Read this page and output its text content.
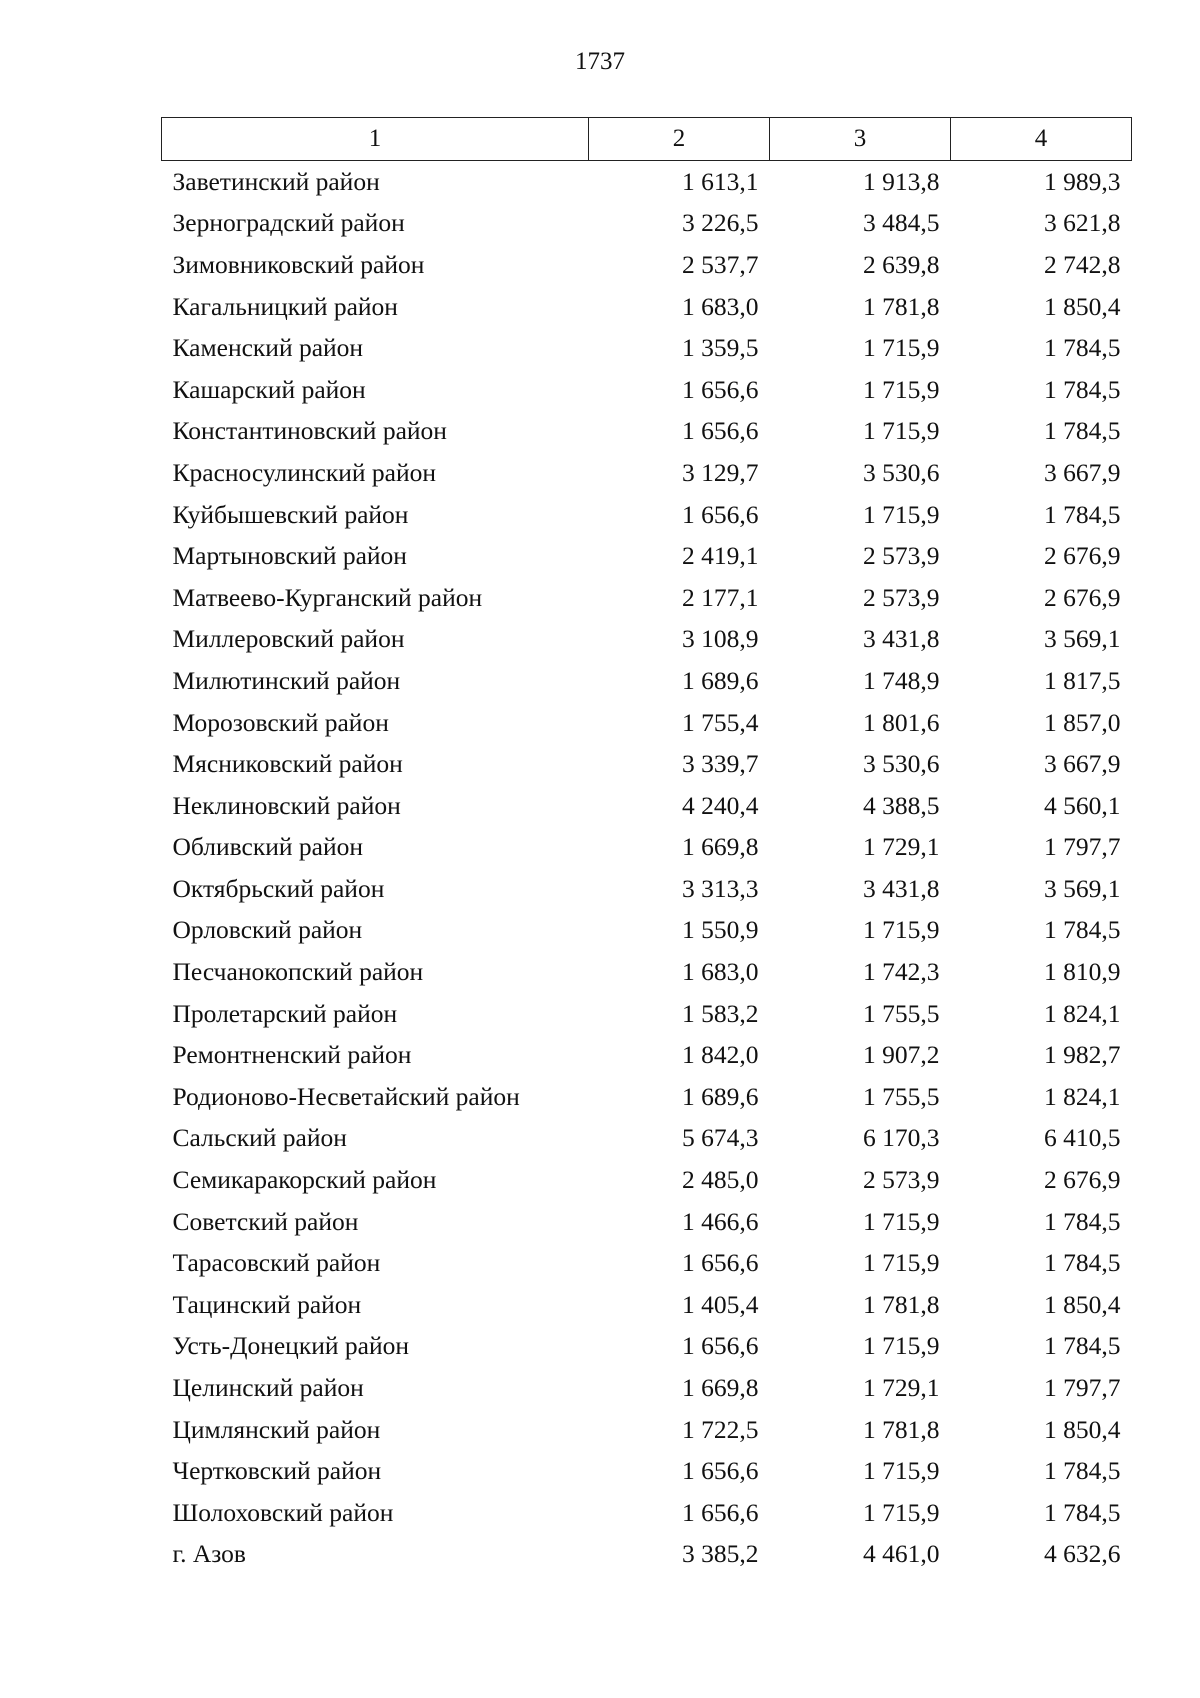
1737
1	2	3	4
Заветинский район	1 613,1	1 913,8	1 989,3
Зерноградский район	3 226,5	3 484,5	3 621,8
Зимовниковский район	2 537,7	2 639,8	2 742,8
Кагальницкий район	1 683,0	1 781,8	1 850,4
Каменский район	1 359,5	1 715,9	1 784,5
Кашарский район	1 656,6	1 715,9	1 784,5
Константиновский район	1 656,6	1 715,9	1 784,5
Красносулинский район	3 129,7	3 530,6	3 667,9
Куйбышевский район	1 656,6	1 715,9	1 784,5
Мартыновский район	2 419,1	2 573,9	2 676,9
Матвеево-Курганский район	2 177,1	2 573,9	2 676,9
Миллеровский район	3 108,9	3 431,8	3 569,1
Милютинский район	1 689,6	1 748,9	1 817,5
Морозовский район	1 755,4	1 801,6	1 857,0
Мясниковский район	3 339,7	3 530,6	3 667,9
Неклиновский район	4 240,4	4 388,5	4 560,1
Обливский район	1 669,8	1 729,1	1 797,7
Октябрьский район	3 313,3	3 431,8	3 569,1
Орловский район	1 550,9	1 715,9	1 784,5
Песчанокопский район	1 683,0	1 742,3	1 810,9
Пролетарский район	1 583,2	1 755,5	1 824,1
Ремонтненский район	1 842,0	1 907,2	1 982,7
Родионово-Несветайский район	1 689,6	1 755,5	1 824,1
Сальский район	5 674,3	6 170,3	6 410,5
Семикаракорский район	2 485,0	2 573,9	2 676,9
Советский район	1 466,6	1 715,9	1 784,5
Тарасовский район	1 656,6	1 715,9	1 784,5
Тацинский район	1 405,4	1 781,8	1 850,4
Усть-Донецкий район	1 656,6	1 715,9	1 784,5
Целинский район	1 669,8	1 729,1	1 797,7
Цимлянский район	1 722,5	1 781,8	1 850,4
Чертковский район	1 656,6	1 715,9	1 784,5
Шолоховский район	1 656,6	1 715,9	1 784,5
г. Азов	3 385,2	4 461,0	4 632,6
